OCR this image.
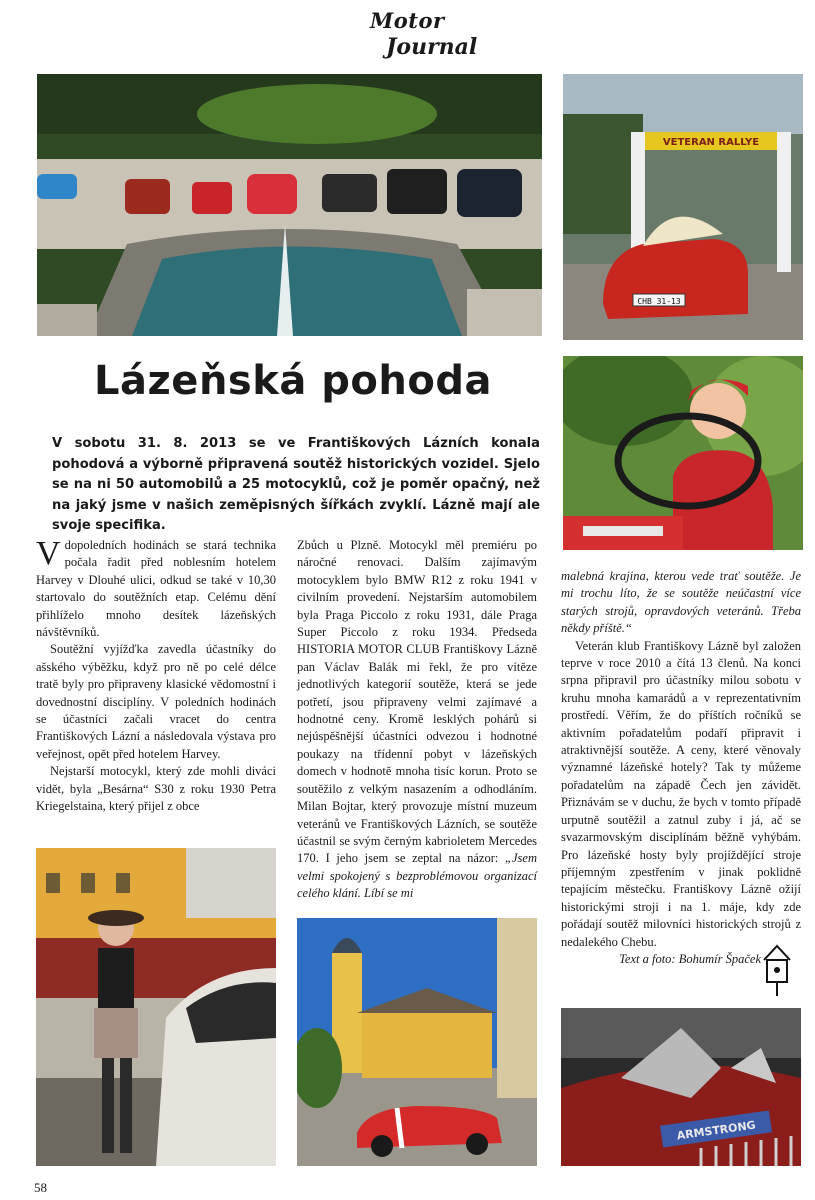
Motor
Journal
VETERAN RALLYE
CHB 31-13
Lázeňská pohoda
V sobotu 31. 8. 2013 se ve Františkových Lázních konala pohodová a výborně připravená soutěž historických vozidel. Sjelo se na ni 50 automobilů a 25 motocyklů, což je poměr opačný, než na jaký jsme v našich zeměpisných šířkách zvyklí. Lázně mají ale svoje specifika.

Vdopoledních hodinách se stará technika počala řadit před noblesním hotelem Harvey v Dlouhé ulici, odkud se také v 10,30 startovalo do soutěžních etap. Celému dění přihlíželo mnoho desítek lázeňských návštěvníků.

Soutěžní vyjížďka zavedla účastníky do ašského výběžku, když pro ně po celé délce tratě byly pro připraveny klasické vědomostní i dovednostní disciplíny. V poledních hodinách se účastníci začali vracet do centra Františkových Lázní a následovala výstava pro veřejnost, opět před hotelem Harvey.

Nejstarší motocykl, který zde mohli diváci vidět, byla „Besárna“ S30 z roku 1930 Petra Kriegelstaina, který přijel z obce

Zbůch u Plzně. Motocykl měl premiéru po náročné renovaci. Dalším zajímavým motocyklem bylo BMW R12 z roku 1941 v civilním provedení. Nejstarším automobilem byla Praga Piccolo z roku 1931, dále Praga Super Piccolo z roku 1934. Předseda HISTORIA MOTOR CLUB Františkovy Lázně pan Václav Balák mi řekl, že pro vítěze jednotlivých kategorií soutěže, která se jede potřetí, jsou připraveny velmi zajímavé a hodnotné ceny. Kromě lesklých pohárů si nejúspěšnější účastníci odvezou i hodnotné poukazy na třídenní pobyt v lázeňských domech v hodnotě mnoha tisíc korun. Proto se soutěžilo z velkým nasazením a odhodláním. Milan Bojtar, který provozuje místní muzeum veteránů ve Františkových Lázních, se soutěže účastnil se svým černým kabrioletem Mercedes 170. I jeho jsem se zeptal na názor: „Jsem velmi spokojený s bezproblémovou organizací celého klání. Líbí se mi

malebná krajina, kterou vede trať soutěže. Je mi trochu líto, že se soutěže neúčastní více starých strojů, opravdových veteránů. Třeba někdy příště.“

Veterán klub Františkovy Lázně byl založen teprve v roce 2010 a čítá 13 členů. Na konci srpna připravil pro účastníky milou sobotu v kruhu mnoha kamarádů a v reprezentativním prostředí. Věřím, že do příštích ročníků se aktivním pořadatelům podaří připravit i atraktivnější soutěže. A ceny, které věnovaly významné lázeňské hotely? Tak ty můžeme pořadatelům na západě Čech jen závidět. Přiznávám se v duchu, že bych v tomto případě urputně soutěžil a zatnul zuby i já, ač se svazarmovským disciplínám běžně vyhýbám. Pro lázeňské hosty byly projíždějící stroje příjemným zpestřením v jinak poklidně tepajícím městečku. Františkovy Lázně ožijí historickými stroji i na 1. máje, kdy zde pořádají soutěž milovníci historických strojů z nedalekého Chebu.

Text a foto: Bohumír Špaček

ARMSTRONG
58
